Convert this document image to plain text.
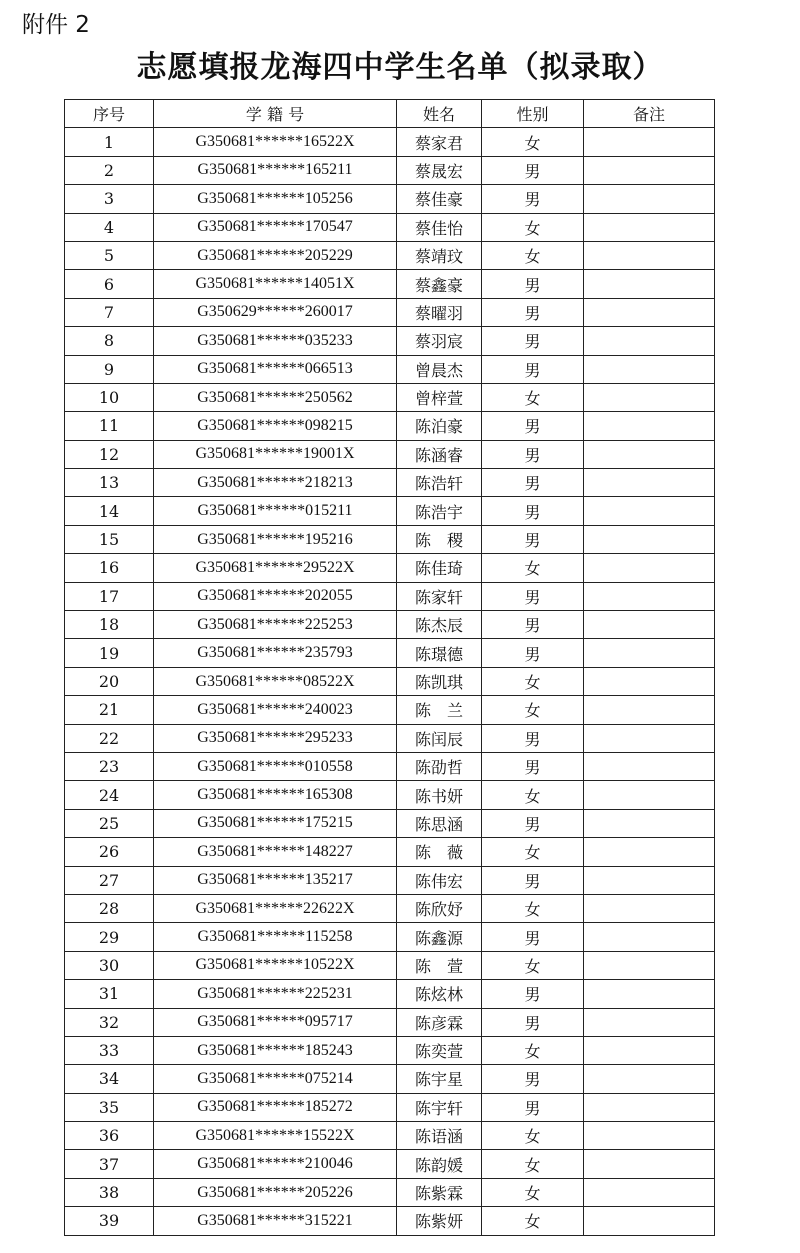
附件 2
志愿填报龙海四中学生名单（拟录取）
序号	学 籍 号	姓名	性别	备注
1	G350681******16522X	蔡家君	女	
2	G350681******165211	蔡晟宏	男	
3	G350681******105256	蔡佳豪	男	
4	G350681******170547	蔡佳怡	女	
5	G350681******205229	蔡靖玟	女	
6	G350681******14051X	蔡鑫豪	男	
7	G350629******260017	蔡曜羽	男	
8	G350681******035233	蔡羽宸	男	
9	G350681******066513	曾晨杰	男	
10	G350681******250562	曾梓萱	女	
11	G350681******098215	陈泊豪	男	
12	G350681******19001X	陈涵睿	男	
13	G350681******218213	陈浩轩	男	
14	G350681******015211	陈浩宇	男	
15	G350681******195216	陈　稷	男	
16	G350681******29522X	陈佳琦	女	
17	G350681******202055	陈家轩	男	
18	G350681******225253	陈杰辰	男	
19	G350681******235793	陈璟德	男	
20	G350681******08522X	陈凯琪	女	
21	G350681******240023	陈　兰	女	
22	G350681******295233	陈闰辰	男	
23	G350681******010558	陈劭哲	男	
24	G350681******165308	陈书妍	女	
25	G350681******175215	陈思涵	男	
26	G350681******148227	陈　薇	女	
27	G350681******135217	陈伟宏	男	
28	G350681******22622X	陈欣妤	女	
29	G350681******115258	陈鑫源	男	
30	G350681******10522X	陈　萱	女	
31	G350681******225231	陈炫林	男	
32	G350681******095717	陈彦霖	男	
33	G350681******185243	陈奕萱	女	
34	G350681******075214	陈宇星	男	
35	G350681******185272	陈宇轩	男	
36	G350681******15522X	陈语涵	女	
37	G350681******210046	陈韵媛	女	
38	G350681******205226	陈紫霖	女	
39	G350681******315221	陈紫妍	女	
